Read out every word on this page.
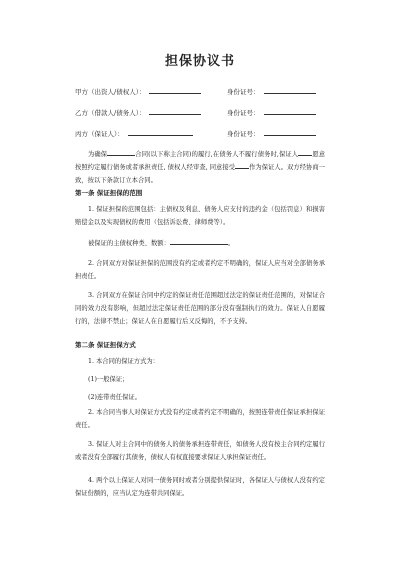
担保协议书
甲方（出资人/债权人）：	身份证号：
乙方（借款人/债务人）：	身份证号：
丙方（保证人）：	身份证号：
为确保	合同(以下称主合同)的履行,在债务人不履行债务时,保证人 愿意按照约定履行债务或者承担责任, 债权人经审查, 同意接受 作为保证人。双方经协商一致，按以下条款订立本合同。
第一条 保证担保的范围
1. 保证担保的范围包括：主债权及利息、债务人应支付的违约金（包括罚息）和损害赔偿金以及实现债权的费用（包括诉讼费、律师费等）。
被保证的主债权种类、数额：	。
2. 合同双方对保证担保的范围没有约定或者约定不明确的，保证人应当对全部债务承担责任。
3. 合同双方在保证合同中约定的保证责任范围超过法定的保证责任范围的，对保证合同的效力没有影响，但超过法定保证责任范围的部分没有强制执行的效力。保证人自愿履行的，法律不禁止；保证人在自愿履行后又反悔的，不予支持。
第二条 保证担保方式
1. 本合同的保证方式为：
(1)一般保证；
(2)连带责任保证。
2. 本合同当事人对保证方式没有约定或者约定不明确的，按照连带责任保证承担保证责任。
3. 保证人对主合同中的债务人的债务承担连带责任，如债务人没有按主合同约定履行或者没有全部履行其债务，债权人有权直接要求保证人承担保证责任。
4. 两个以上保证人对同一债务同时或者分别提供保证时，各保证人与债权人没有约定保证份额的，应当认定为连带共同保证。
